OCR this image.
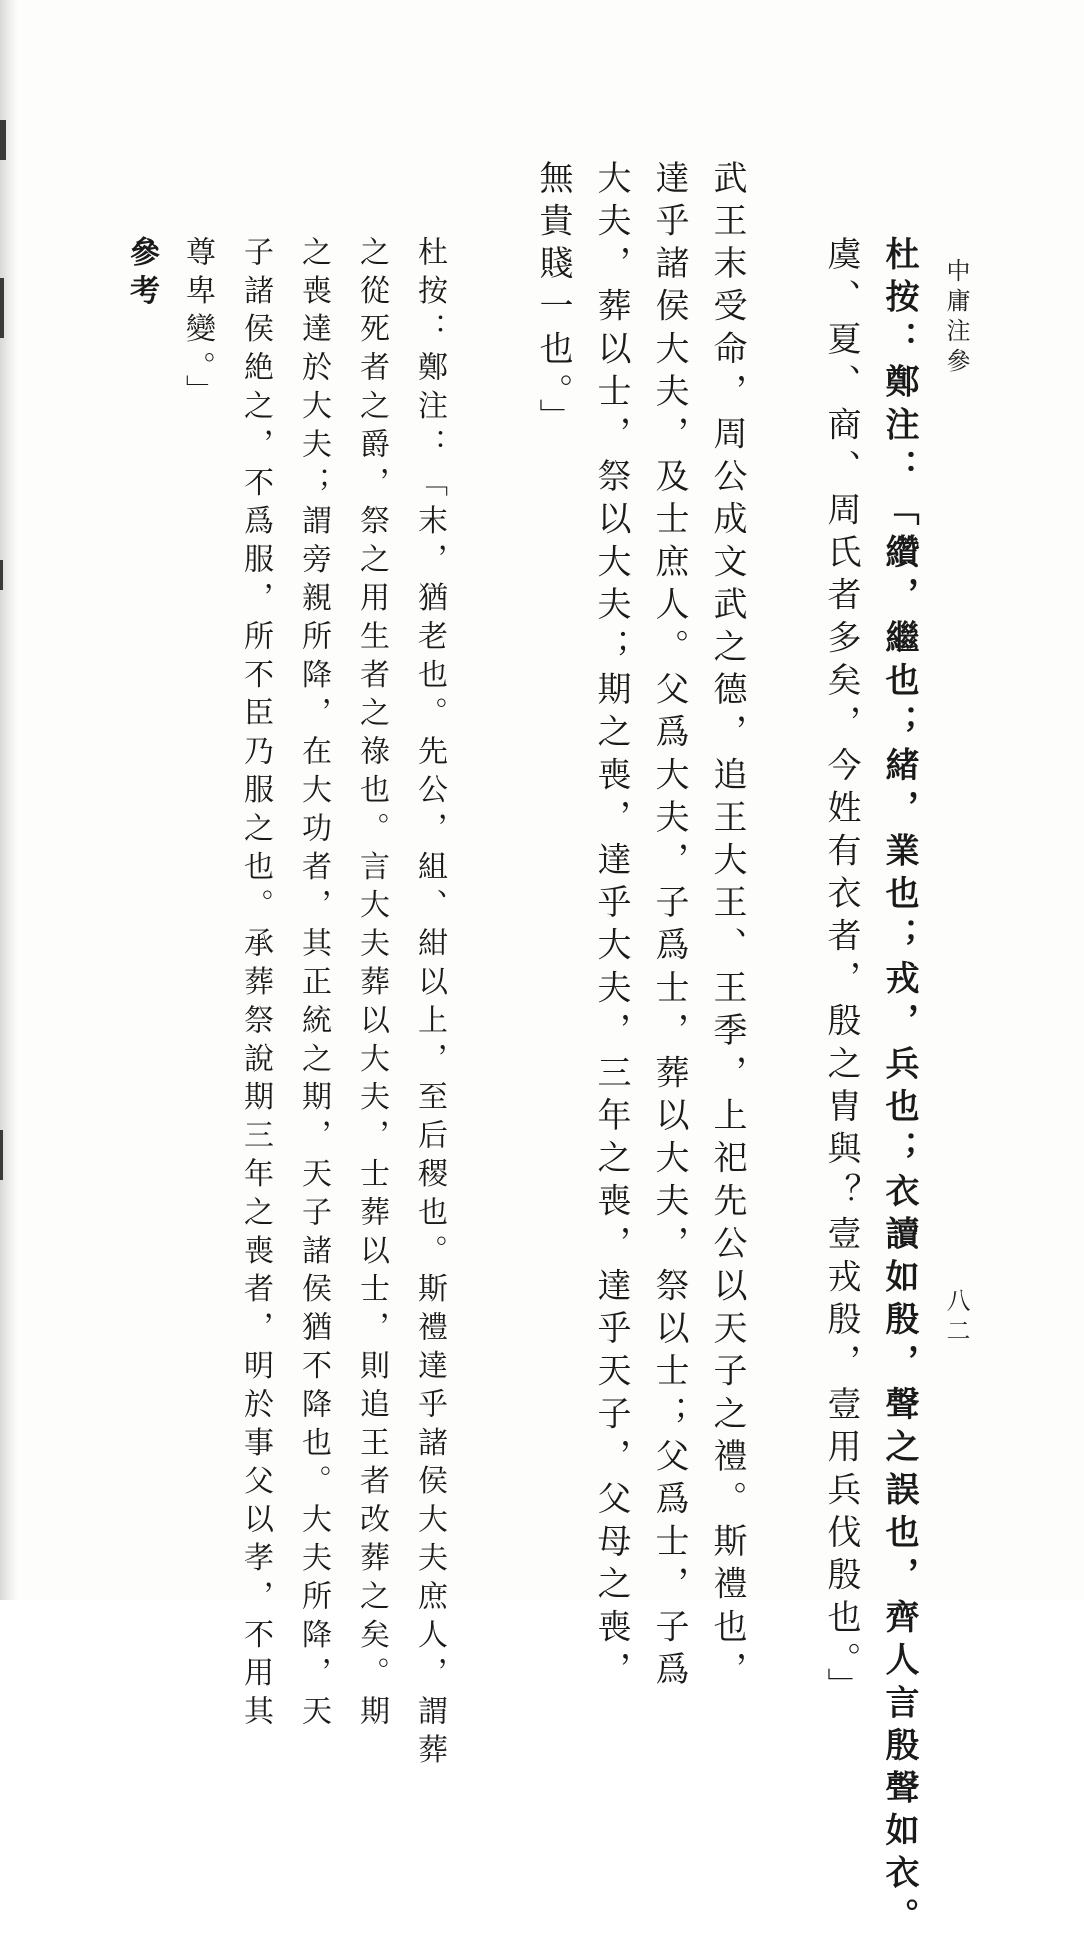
中庸注參
八二
杜按：鄭注：「纘，繼也；緒，業也；戎，兵也；衣讀如殷，聲之誤也，齊人言殷聲如衣。
虞、夏、商、周氏者多矣，今姓有衣者，殷之胄與？壹戎殷，壹用兵伐殷也。」
武王末受命，周公成文武之德，追王大王、王季，上祀先公以天子之禮。斯禮也，
達乎諸侯大夫，及士庶人。父爲大夫，子爲士，葬以大夫，祭以士；父爲士，子爲
大夫，葬以士，祭以大夫；期之喪，達乎大夫，三年之喪，達乎天子，父母之喪，
無貴賤一也。」
杜按：鄭注：「末，猶老也。先公，組、紺以上，至后稷也。斯禮達乎諸侯大夫庶人，謂葬
之從死者之爵，祭之用生者之祿也。言大夫葬以大夫，士葬以士，則追王者改葬之矣。期
之喪達於大夫；謂旁親所降，在大功者，其正統之期，天子諸侯猶不降也。大夫所降，天
子諸侯絶之，不爲服，所不臣乃服之也。承葬祭說期三年之喪者，明於事父以孝，不用其
尊卑變。」
參考
